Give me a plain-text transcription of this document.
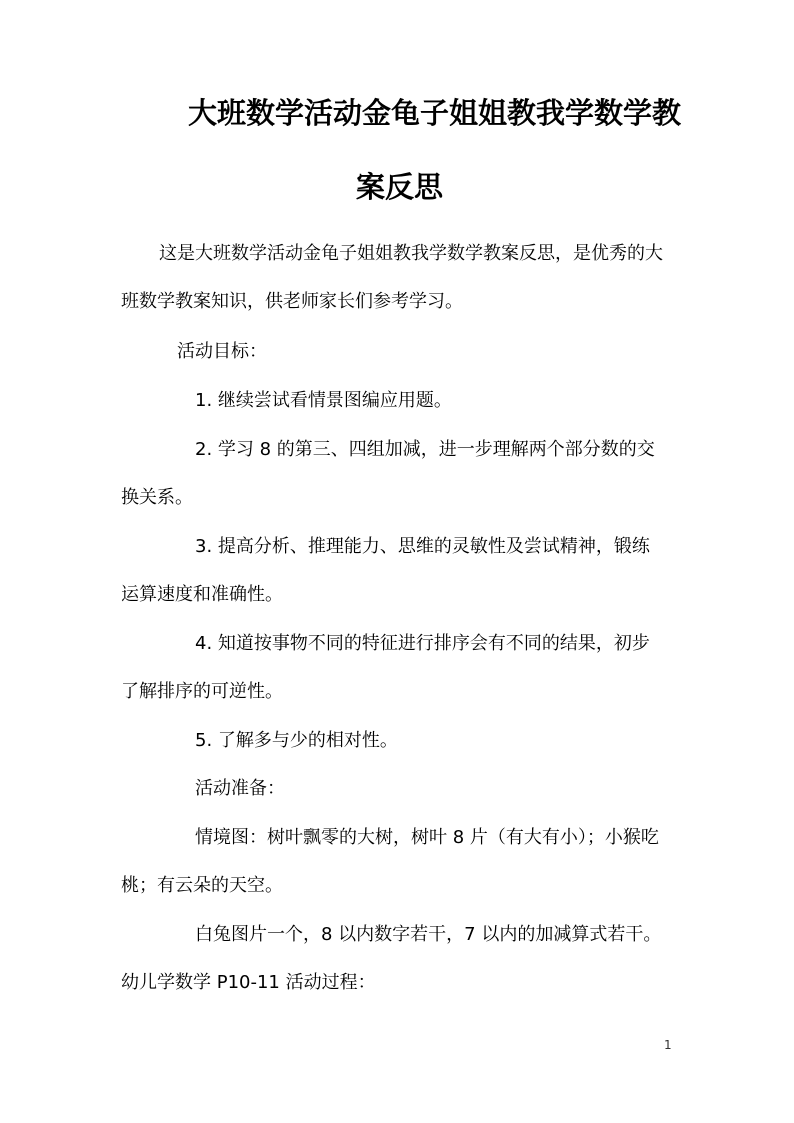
大班数学活动金龟子姐姐教我学数学教
案反思
这是大班数学活动金龟子姐姐教我学数学教案反思，是优秀的大
班数学教案知识，供老师家长们参考学习。
活动目标：
1. 继续尝试看情景图编应用题。
2. 学习 8 的第三、四组加减，进一步理解两个部分数的交
换关系。
3. 提高分析、推理能力、思维的灵敏性及尝试精神，锻练
运算速度和准确性。
4. 知道按事物不同的特征进行排序会有不同的结果，初步
了解排序的可逆性。
5. 了解多与少的相对性。
活动准备：
情境图：树叶飘零的大树，树叶 8 片（有大有小）；小猴吃
桃；有云朵的天空。
白兔图片一个，8 以内数字若干，7 以内的加减算式若干。
幼儿学数学 P10-11 活动过程：
1
